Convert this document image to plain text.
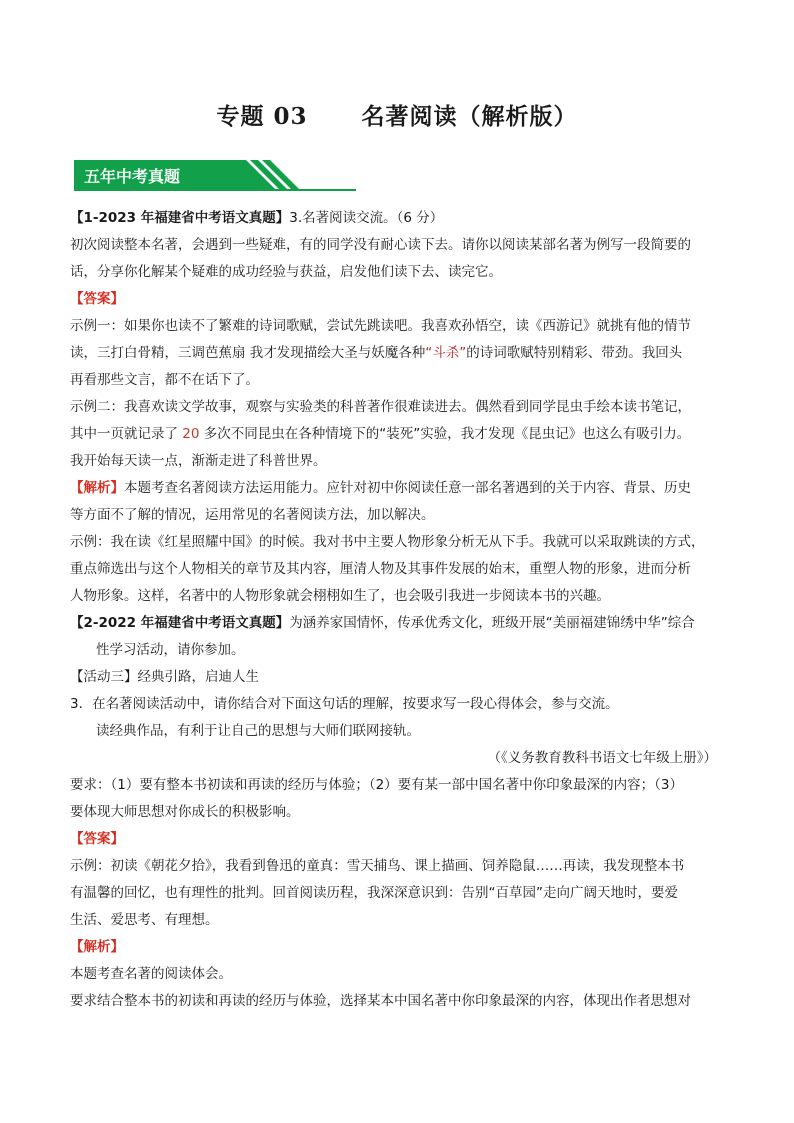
专题 03      名著阅读（解析版）
五年中考真题

【1-2023 年福建省中考语文真题】3.名著阅读交流。（6 分）

初次阅读整本名著，会遇到一些疑难，有的同学没有耐心读下去。请你以阅读某部名著为例写一段简要的

话，分享你化解某个疑难的成功经验与获益，启发他们读下去、读完它。

【答案】

示例一：如果你也读不了繁难的诗词歌赋，尝试先跳读吧。我喜欢孙悟空，读《西游记》就挑有他的情节

读，三打白骨精，三调芭蕉扇 我才发现描绘大圣与妖魔各种“斗杀”的诗词歌赋特别精彩、带劲。我回头

再看那些文言，都不在话下了。

示例二：我喜欢读文学故事，观察与实验类的科普著作很难读进去。偶然看到同学昆虫手绘本读书笔记，

其中一页就记录了 20 多次不同昆虫在各种情境下的“装死”实验，我才发现《昆虫记》也这么有吸引力。

我开始每天读一点，渐渐走进了科普世界。

【解析】本题考查名著阅读方法运用能力。应针对初中你阅读任意一部名著遇到的关于内容、背景、历史

等方面不了解的情况，运用常见的名著阅读方法，加以解决。

示例：我在读《红星照耀中国》的时候。我对书中主要人物形象分析无从下手。我就可以采取跳读的方式，

重点筛选出与这个人物相关的章节及其内容，厘清人物及其事件发展的始末，重塑人物的形象，进而分析

人物形象。这样，名著中的人物形象就会栩栩如生了，也会吸引我进一步阅读本书的兴趣。

【2-2022 年福建省中考语文真题】为涵养家国情怀，传承优秀文化，班级开展“美丽福建锦绣中华”综合

性学习活动，请你参加。

【活动三】经典引路，启迪人生

3．在名著阅读活动中，请你结合对下面这句话的理解，按要求写一段心得体会，参与交流。

读经典作品，有利于让自己的思想与大师们联网接轨。

（《义务教育教科书语文七年级上册》）

要求：（1）要有整本书初读和再读的经历与体验；（2）要有某一部中国名著中你印象最深的内容；（3）

要体现大师思想对你成长的积极影响。

【答案】

示例：初读《朝花夕拾》，我看到鲁迅的童真：雪天捕鸟、课上描画、饲养隐鼠……再读，我发现整本书

有温馨的回忆，也有理性的批判。回首阅读历程，我深深意识到：告别“百草园”走向广阔天地时，要爱

生活、爱思考、有理想。

【解析】

本题考查名著的阅读体会。

要求结合整本书的初读和再读的经历与体验，选择某本中国名著中你印象最深的内容，体现出作者思想对
